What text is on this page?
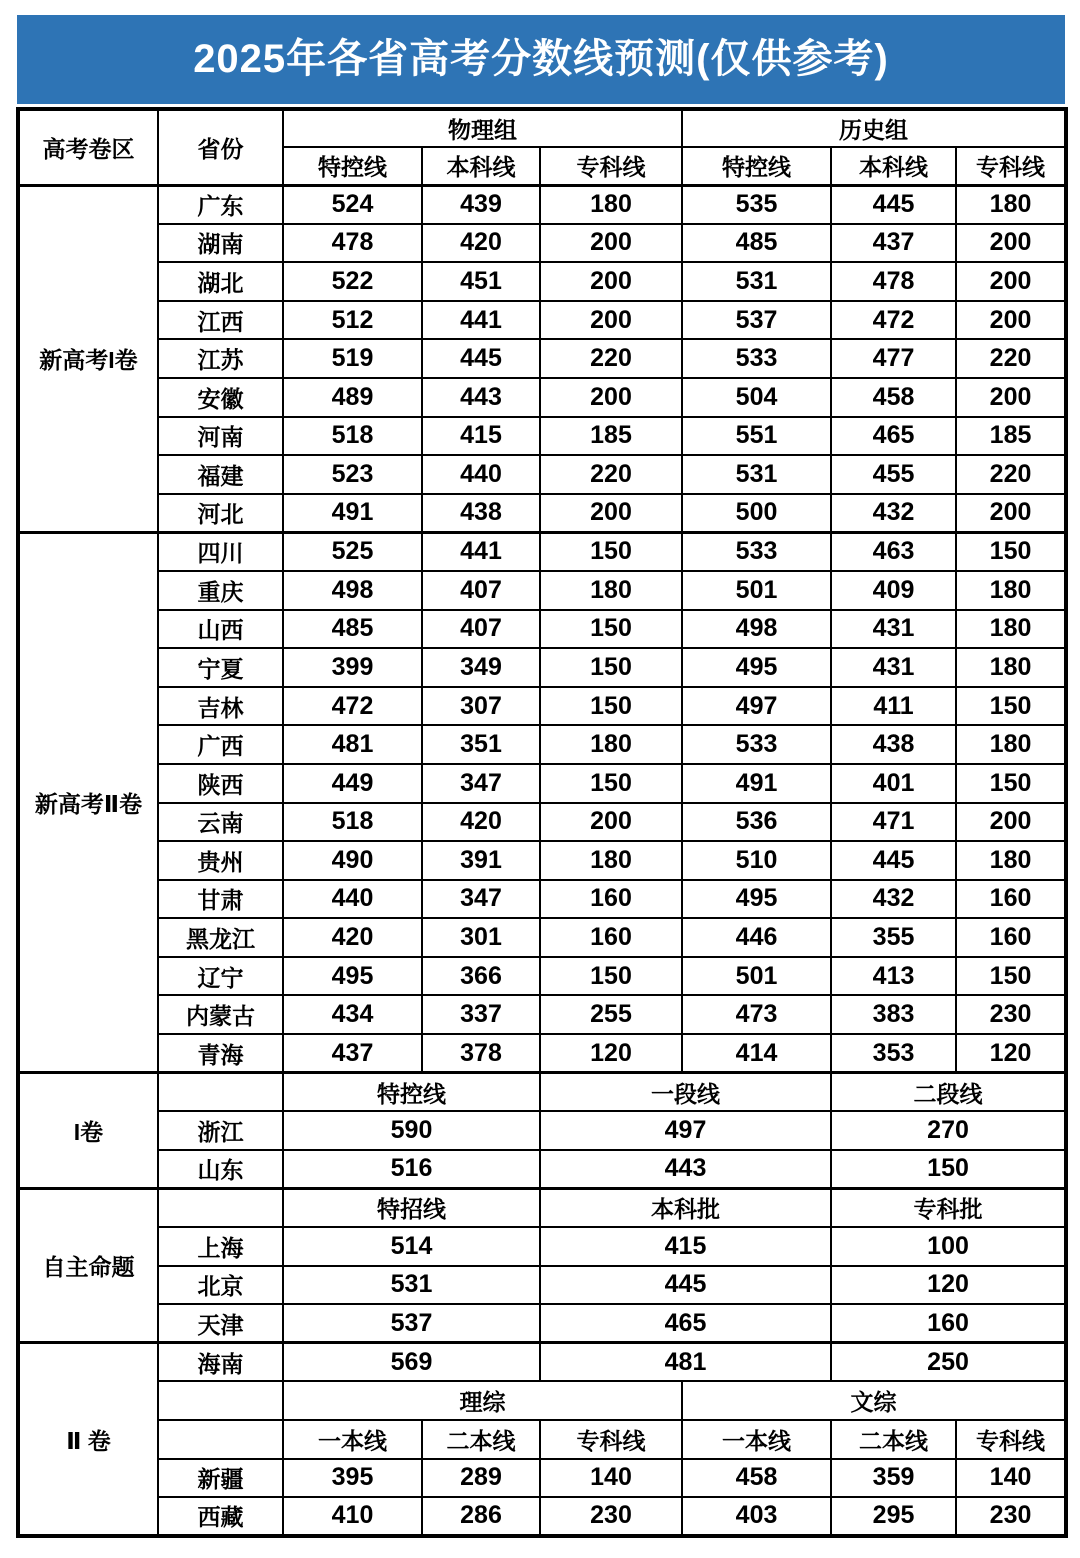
2025年各省高考分数线预测(仅供参考)
高考卷区	省份	物理组			历史组		
		特控线	本科线	专科线	特控线	本科线	专科线
新高考I卷	广东	524	439	180	535	445	180
	湖南	478	420	200	485	437	200
	湖北	522	451	200	531	478	200
	江西	512	441	200	537	472	200
	江苏	519	445	220	533	477	220
	安徽	489	443	200	504	458	200
	河南	518	415	185	551	465	185
	福建	523	440	220	531	455	220
	河北	491	438	200	500	432	200
新高考Ⅱ卷	四川	525	441	150	533	463	150
	重庆	498	407	180	501	409	180
	山西	485	407	150	498	431	180
	宁夏	399	349	150	495	431	180
	吉林	472	307	150	497	411	150
	广西	481	351	180	533	438	180
	陕西	449	347	150	491	401	150
	云南	518	420	200	536	471	200
	贵州	490	391	180	510	445	180
	甘肃	440	347	160	495	432	160
	黑龙江	420	301	160	446	355	160
	辽宁	495	366	150	501	413	150
	内蒙古	434	337	255	473	383	230
	青海	437	378	120	414	353	120
I卷		特控线		一段线		二段线	
	浙江	590		497		270	
	山东	516		443		150	
自主命题		特招线		本科批		专科批	
	上海	514		415		100	
	北京	531		445		120	
	天津	537		465		160	
Ⅱ 卷	海南	569		481		250	
		理综			文综		
		一本线	二本线	专科线	一本线	二本线	专科线
	新疆	395	289	140	458	359	140
	西藏	410	286	230	403	295	230
